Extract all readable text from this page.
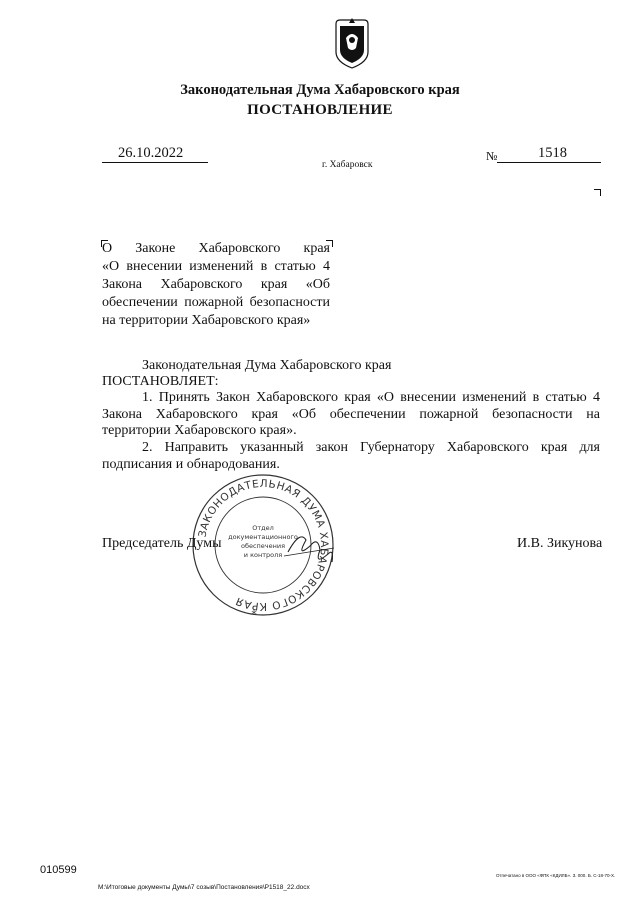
Законодательная Дума Хабаровского края
ПОСТАНОВЛЕНИЕ
26.10.2022
г. Хабаровск
№	1518
О Законе Хабаровского края
«О внесении изменений в статью 4
Закона Хабаровского края «Об
обеспечении пожарной безопасности
на территории Хабаровского края»
Законодательная Дума Хабаровского края
ПОСТАНОВЛЯЕТ:
1. Принять Закон Хабаровского края «О внесении изменений в статью 4 Закона Хабаровского края «Об обеспечении пожарной безопасности на территории Хабаровского края».
2. Направить указанный закон Губернатору Хабаровского края для подписания и обнародования.
ЗАКОНОДАТЕЛЬНАЯ ДУМА ХАБАРОВСКОГО КРАЯ
Отдел
документационного
обеспечения
и контроля
*
Председатель Думы	И.В. Зикунова
010599	Отпечатано в ООО «ФПК «КДИЛБ». З. 000. Б. С-18-70-Х.
М:\Итоговые документы Думы\7 созыв\Постановления\Р1518_22.docx
